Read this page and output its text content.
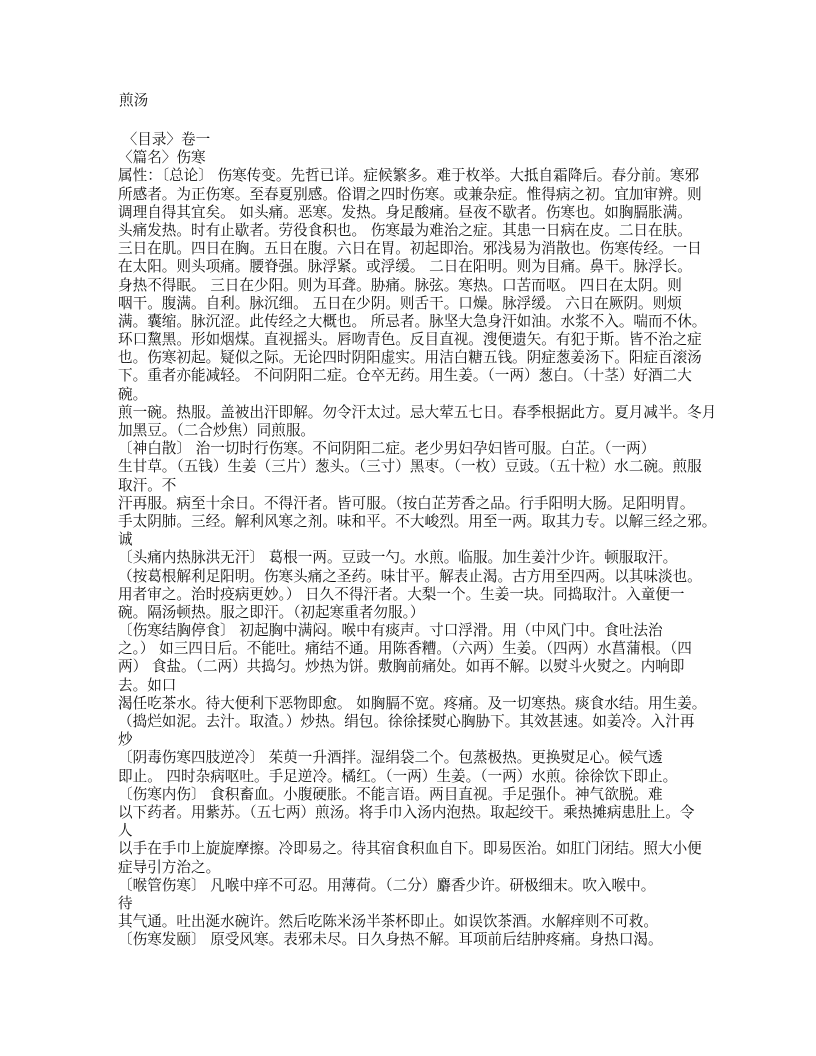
煎汤
〈目录〉卷一
〈篇名〉伤寒
属性：〔总论〕 伤寒传变。先哲已详。症候繁多。难于枚举。大抵自霜降后。春分前。寒邪
所感者。为正伤寒。至春夏别感。俗谓之四时伤寒。或兼杂症。惟得病之初。宜加审辨。则
调理自得其宜矣。 如头痛。恶寒。发热。身足酸痛。昼夜不歇者。伤寒也。如胸膈胀满。
头痛发热。时有止歇者。劳役食积也。 伤寒最为难治之症。其患一日病在皮。二日在肤。
三日在肌。四日在胸。五日在腹。六日在胃。初起即治。邪浅易为消散也。伤寒传经。一日
在太阳。则头项痛。腰脊强。脉浮紧。或浮缓。 二日在阳明。则为目痛。鼻干。脉浮长。
身热不得眠。 三日在少阳。则为耳聋。胁痛。脉弦。寒热。口苦而呕。 四日在太阴。则
咽干。腹满。自利。脉沉细。 五日在少阴。则舌干。口燥。脉浮缓。 六日在厥阴。则烦
满。囊缩。脉沉涩。此传经之大概也。 所忌者。脉坚大急身汗如油。水浆不入。喘而不休。
环口黧黑。形如烟煤。直视摇头。唇吻青色。反目直视。溲便遗矢。有犯于斯。皆不治之症
也。伤寒初起。疑似之际。无论四时阴阳虚实。用洁白糖五钱。阴症葱姜汤下。阳症百滚汤
下。重者亦能减轻。 不问阴阳二症。仓卒无药。用生姜。（一两）葱白。（十茎）好酒二大
碗。
煎一碗。热服。盖被出汗即解。勿令汗太过。忌大荤五七日。春季根据此方。夏月减半。冬月
加黑豆。（二合炒焦）同煎服。
〔神白散〕 治一切时行伤寒。不问阴阳二症。老少男妇孕妇皆可服。白芷。（一两）
生甘草。（五钱）生姜（三片）葱头。（三寸）黑枣。（一枚）豆豉。（五十粒）水二碗。煎服
取汗。不
汗再服。病至十余日。不得汗者。皆可服。（按白芷芳香之品。行手阳明大肠。足阳明胃。
手太阴肺。三经。解利风寒之剂。味和平。不大峻烈。用至一两。取其力专。以解三经之邪。
诚
〔头痛内热脉洪无汗〕 葛根一两。豆豉一勺。水煎。临服。加生姜汁少许。顿服取汗。
（按葛根解利足阳明。伤寒头痛之圣药。味甘平。解表止渴。古方用至四两。以其味淡也。
用者审之。治时疫病更妙。） 日久不得汗者。大梨一个。生姜一块。同捣取汁。入童便一
碗。隔汤顿热。服之即汗。（初起寒重者勿服。）
〔伤寒结胸停食〕 初起胸中满闷。喉中有痰声。寸口浮滑。用（中风门中。食吐法治
之。） 如三四日后。不能吐。痛结不通。用陈香糟。（六两）生姜。（四两）水菖蒲根。（四
两） 食盐。（二两）共捣匀。炒热为饼。敷胸前痛处。如再不解。以熨斗火熨之。内响即
去。如口
渴任吃茶水。待大便利下恶物即愈。 如胸膈不宽。疼痛。及一切寒热。痰食水结。用生姜。
（捣烂如泥。去汁。取渣。）炒热。绢包。徐徐揉熨心胸胁下。其效甚速。如姜冷。入汁再
炒
〔阴毒伤寒四肢逆冷〕 茱萸一升酒拌。湿绢袋二个。包蒸极热。更换熨足心。候气透
即止。 四时杂病呕吐。手足逆冷。橘红。（一两）生姜。（一两）水煎。徐徐饮下即止。
〔伤寒内伤〕 食积畜血。小腹硬胀。不能言语。两目直视。手足强仆。神气欲脱。难
以下药者。用紫苏。（五七两）煎汤。将手巾入汤内泡热。取起绞干。乘热摊病患肚上。令
人
以手在手巾上旋旋摩擦。冷即易之。待其宿食积血自下。即易医治。如肛门闭结。照大小便
症导引方治之。
〔喉管伤寒〕 凡喉中痒不可忍。用薄荷。（二分）麝香少许。研极细末。吹入喉中。
待
其气通。吐出涎水碗许。然后吃陈米汤半茶杯即止。如误饮茶酒。水解痒则不可救。
〔伤寒发颐〕 原受风寒。表邪未尽。日久身热不解。耳项前后结肿疼痛。身热口渴。
